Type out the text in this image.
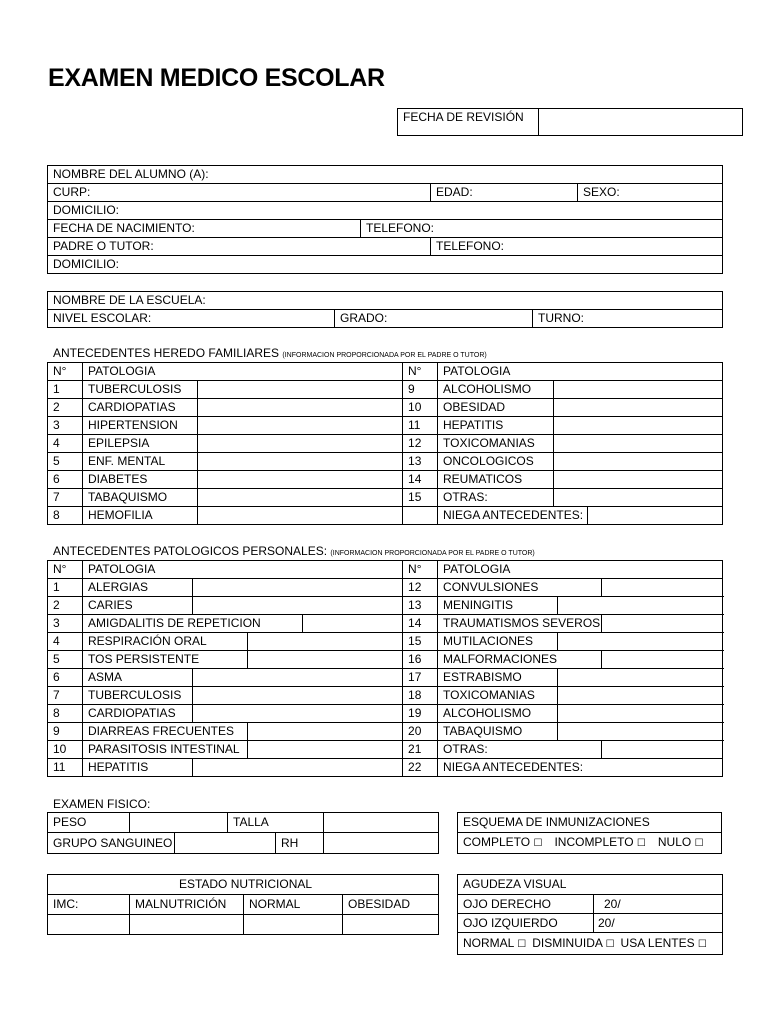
EXAMEN MEDICO ESCOLAR
FECHA DE REVISIÓN	
NOMBRE DEL ALUMNO (A):			
CURP:		EDAD:	SEXO:
DOMICILIO:			
FECHA DE NACIMIENTO:	TELEFONO:		
PADRE O TUTOR:		TELEFONO:	
DOMICILIO:			
NOMBRE DE LA ESCUELA:
NIVEL ESCOLAR:	GRADO:	TURNO:
ANTECEDENTES HEREDO FAMILIARES (INFORMACION PROPORCIONADA POR EL PADRE O TUTOR)
N°	PATOLOGIA		N°	PATOLOGIA		
1	TUBERCULOSIS		9	ALCOHOLISMO		
2	CARDIOPATIAS		10	OBESIDAD		
3	HIPERTENSION		11	HEPATITIS		
4	EPILEPSIA		12	TOXICOMANIAS		
5	ENF. MENTAL		13	ONCOLOGICOS		
6	DIABETES		14	REUMATICOS		
7	TABAQUISMO		15	OTRAS:		
8	HEMOFILIA			NIEGA ANTECEDENTES:		
ANTECEDENTES PATOLOGICOS PERSONALES: (INFORMACION PROPORCIONADA POR EL PADRE O TUTOR)
N°	PATOLOGIA				N°	PATOLOGIA			
1	ALERGIAS				12	CONVULSIONES			
2	CARIES				13	MENINGITIS			
3	AMIGDALITIS DE REPETICION				14	TRAUMATISMOS SEVEROS			
4	RESPIRACIÓN ORAL				15	MUTILACIONES			
5	TOS PERSISTENTE				16	MALFORMACIONES			
6	ASMA				17	ESTRABISMO			
7	TUBERCULOSIS				18	TOXICOMANIAS			
8	CARDIOPATIAS				19	ALCOHOLISMO			
9	DIARREAS FRECUENTES				20	TABAQUISMO			
10	PARASITOSIS INTESTINAL				21	OTRAS:			
11	HEPATITIS				22	NIEGA ANTECEDENTES:			
EXAMEN FISICO:
PESO			TALLA		
GRUPO SANGUINEO				RH	
ESQUEMA DE INMUNIZACIONES
COMPLETO ☐ INCOMPLETO ☐ NULO ☐
ESTADO NUTRICIONAL			
IMC:	MALNUTRICIÓN	NORMAL	OBESIDAD

AGUDEZA VISUAL	
OJO DERECHO	20/
OJO IZQUIERDO	20/
NORMAL ☐ DISMINUIDA ☐ USA LENTES ☐	
